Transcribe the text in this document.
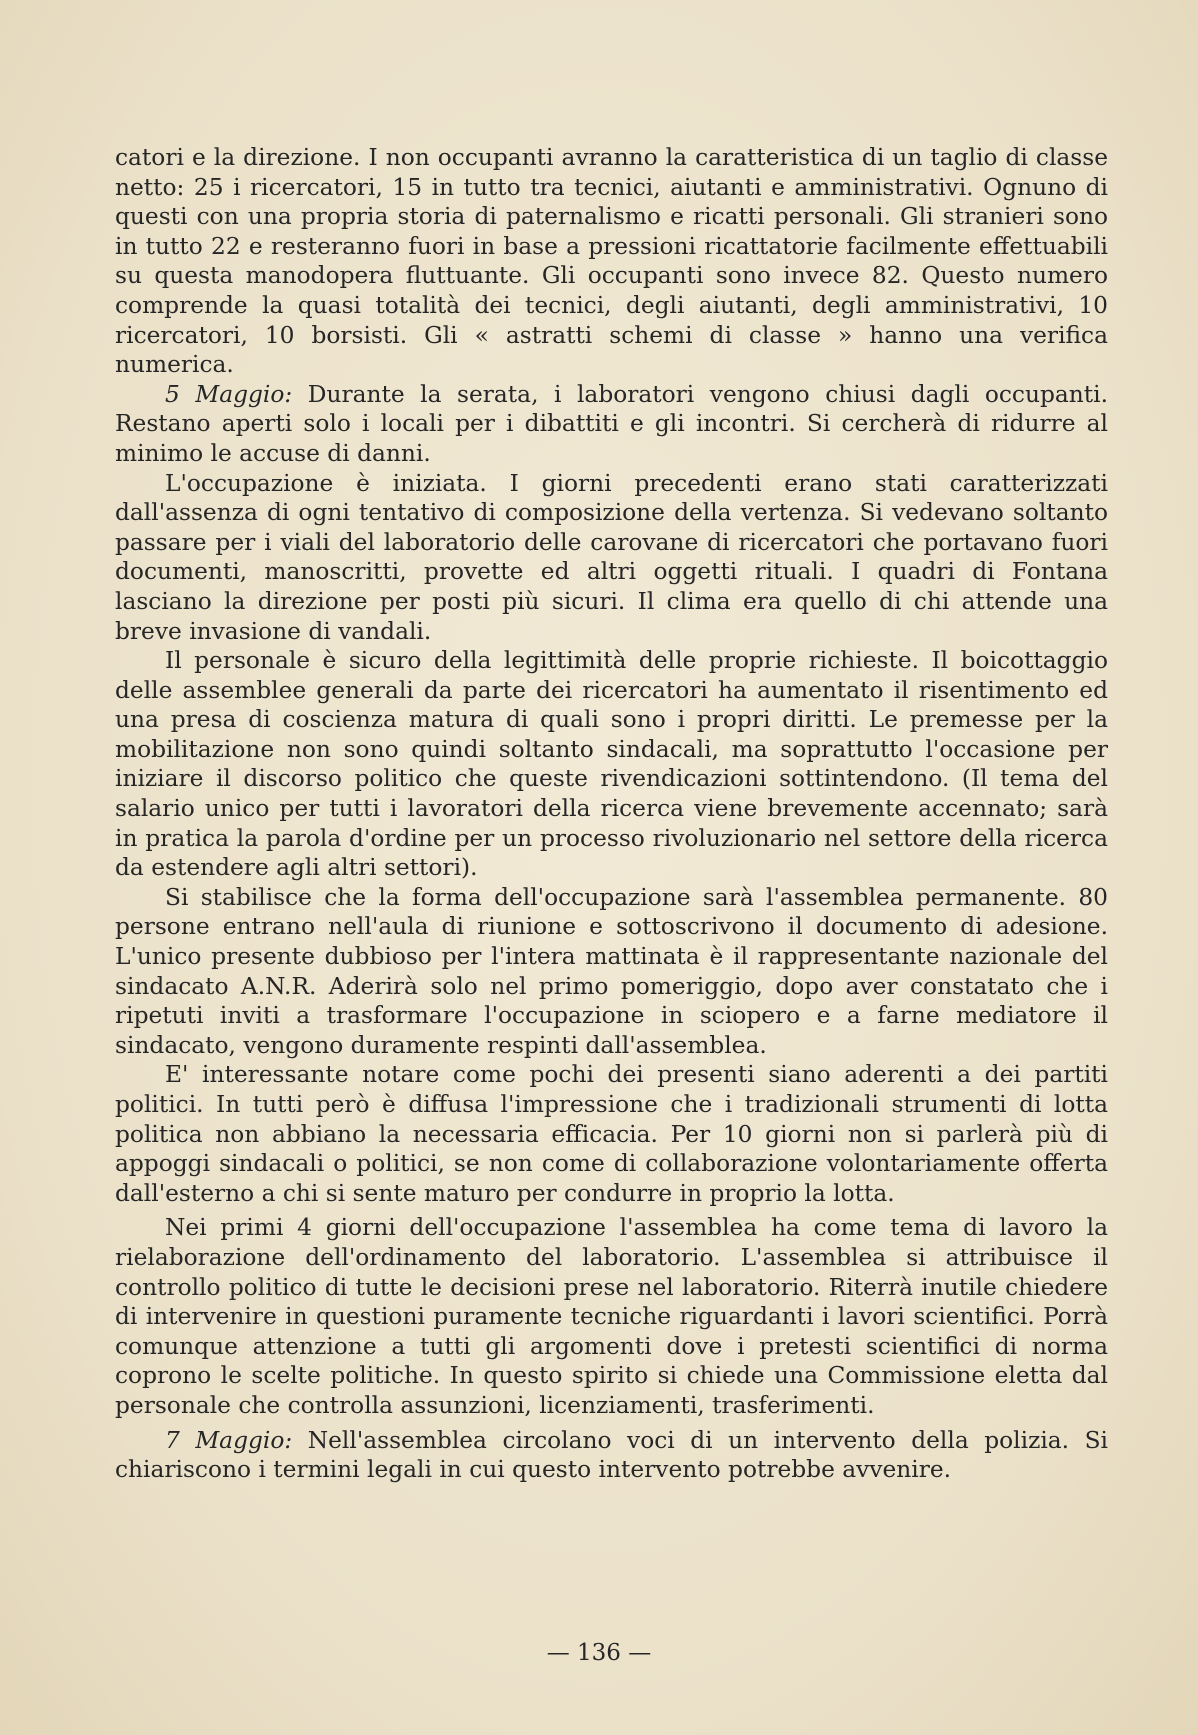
catori e la direzione. I non occupanti avranno la caratteristica di un taglio di classe netto: 25 i ricercatori, 15 in tutto tra tecnici, aiutanti e amministrativi. Ognuno di questi con una propria storia di paternalismo e ricatti personali. Gli stranieri sono in tutto 22 e resteranno fuori in base a pressioni ricattatorie facilmente effettuabili su questa manodopera fluttuante. Gli occupanti sono invece 82. Questo numero comprende la quasi totalità dei tecnici, degli aiutanti, degli amministrativi, 10 ricercatori, 10 borsisti. Gli « astratti schemi di classe » hanno una verifica numerica.

5 Maggio: Durante la serata, i laboratori vengono chiusi dagli occupanti. Restano aperti solo i locali per i dibattiti e gli incontri. Si cercherà di ridurre al minimo le accuse di danni.

L'occupazione è iniziata. I giorni precedenti erano stati caratterizzati dall'assenza di ogni tentativo di composizione della vertenza. Si vedevano soltanto passare per i viali del laboratorio delle carovane di ricercatori che portavano fuori documenti, manoscritti, provette ed altri oggetti rituali. I quadri di Fontana lasciano la direzione per posti più sicuri. Il clima era quello di chi attende una breve invasione di vandali.

Il personale è sicuro della legittimità delle proprie richieste. Il boicottaggio delle assemblee generali da parte dei ricercatori ha aumentato il risentimento ed una presa di coscienza matura di quali sono i propri diritti. Le premesse per la mobilitazione non sono quindi soltanto sindacali, ma soprattutto l'occasione per iniziare il discorso politico che queste rivendicazioni sottintendono. (Il tema del salario unico per tutti i lavoratori della ricerca viene brevemente accennato; sarà in pratica la parola d'ordine per un processo rivoluzionario nel settore della ricerca da estendere agli altri settori).

Si stabilisce che la forma dell'occupazione sarà l'assemblea permanente. 80 persone entrano nell'aula di riunione e sottoscrivono il documento di adesione. L'unico presente dubbioso per l'intera mattinata è il rappresentante nazionale del sindacato A.N.R. Aderirà solo nel primo pomeriggio, dopo aver constatato che i ripetuti inviti a trasformare l'occupazione in sciopero e a farne mediatore il sindacato, vengono duramente respinti dall'assemblea.

E' interessante notare come pochi dei presenti siano aderenti a dei partiti politici. In tutti però è diffusa l'impressione che i tradizionali strumenti di lotta politica non abbiano la necessaria efficacia. Per 10 giorni non si parlerà più di appoggi sindacali o politici, se non come di collaborazione volontariamente offerta dall'esterno a chi si sente maturo per condurre in proprio la lotta.

Nei primi 4 giorni dell'occupazione l'assemblea ha come tema di lavoro la rielaborazione dell'ordinamento del laboratorio. L'assemblea si attribuisce il controllo politico di tutte le decisioni prese nel laboratorio. Riterrà inutile chiedere di intervenire in questioni puramente tecniche riguardanti i lavori scientifici. Porrà comunque attenzione a tutti gli argomenti dove i pretesti scientifici di norma coprono le scelte politiche. In questo spirito si chiede una Commissione eletta dal personale che controlla assunzioni, licenziamenti, trasferimenti.

7 Maggio: Nell'assemblea circolano voci di un intervento della polizia. Si chiariscono i termini legali in cui questo intervento potrebbe avvenire.

— 136 —
